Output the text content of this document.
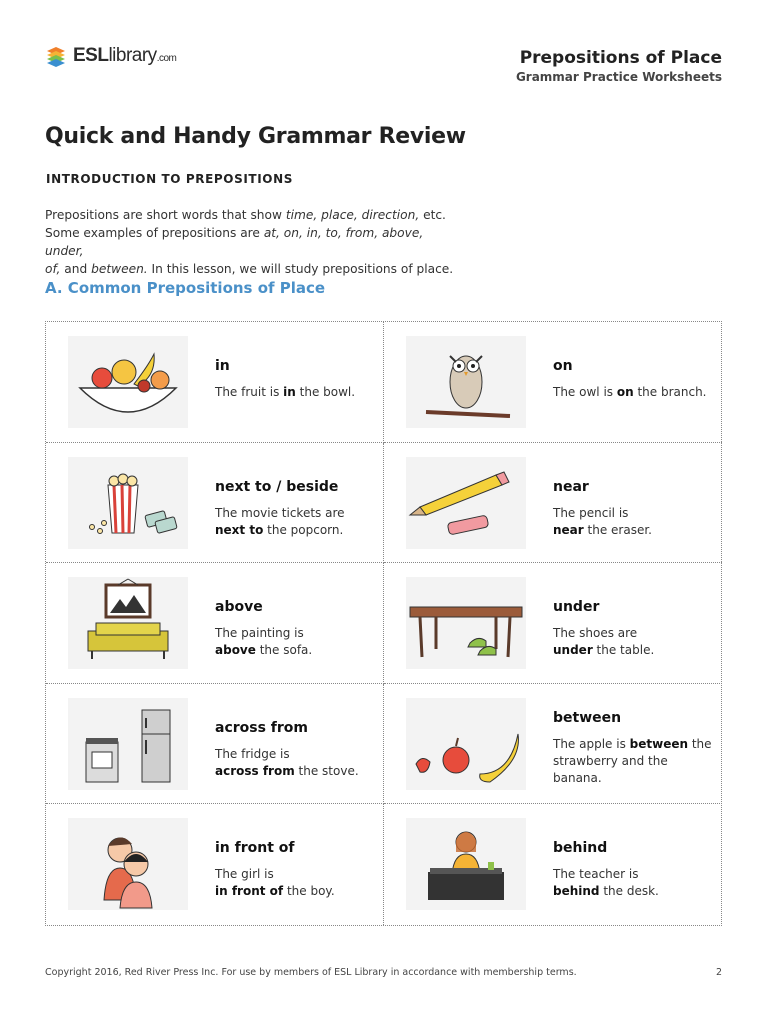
ESLlibrary.com	Prepositions of Place
Grammar Practice Worksheets
Quick and Handy Grammar Review
INTRODUCTION TO PREPOSITIONS

Prepositions are short words that show time, place, direction, etc.

Some examples of prepositions are at, on, in, to, from, above, under,

of, and between. In this lesson, we will study prepositions of place.

A. Common Prepositions of Place
in
The fruit is in the bowl.
on
The owl is on the branch.
next to / beside
The movie tickets are
next to the popcorn.
near
The pencil is
near the eraser.
above
The painting is
above the sofa.
under
The shoes are
under the table.
across from
The fridge is
across from the stove.
between
The apple is between the strawberry and the banana.
in front of
The girl is
in front of the boy.
behind
The teacher is
behind the desk.
Copyright 2016, Red River Press Inc. For use by members of ESL Library in accordance with membership terms.	2
